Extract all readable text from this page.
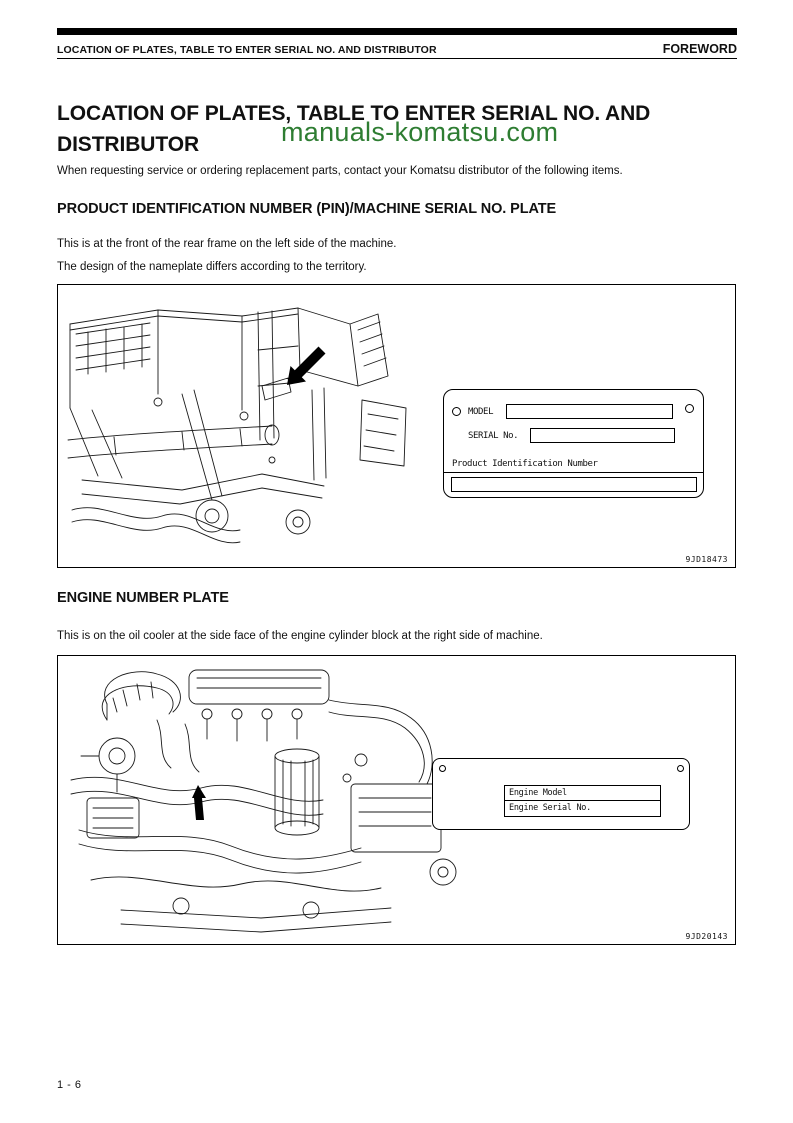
LOCATION OF PLATES, TABLE TO ENTER SERIAL NO. AND DISTRIBUTOR	FOREWORD
LOCATION OF PLATES, TABLE TO ENTER SERIAL NO. AND DISTRIBUTOR	manuals-komatsu.com

When requesting service or ordering replacement parts, contact your Komatsu distributor of the following items.

PRODUCT IDENTIFICATION NUMBER (PIN)/MACHINE SERIAL NO. PLATE

This is at the front of the rear frame on the left side of the machine.

The design of the nameplate differs according to the territory.

MODEL
SERIAL No.
Product Identification Number
9JD18473
ENGINE NUMBER PLATE

This is on the oil cooler at the side face of the engine cylinder block at the right side of machine.

Engine Model
Engine Serial No.
9JD20143
1 - 6
